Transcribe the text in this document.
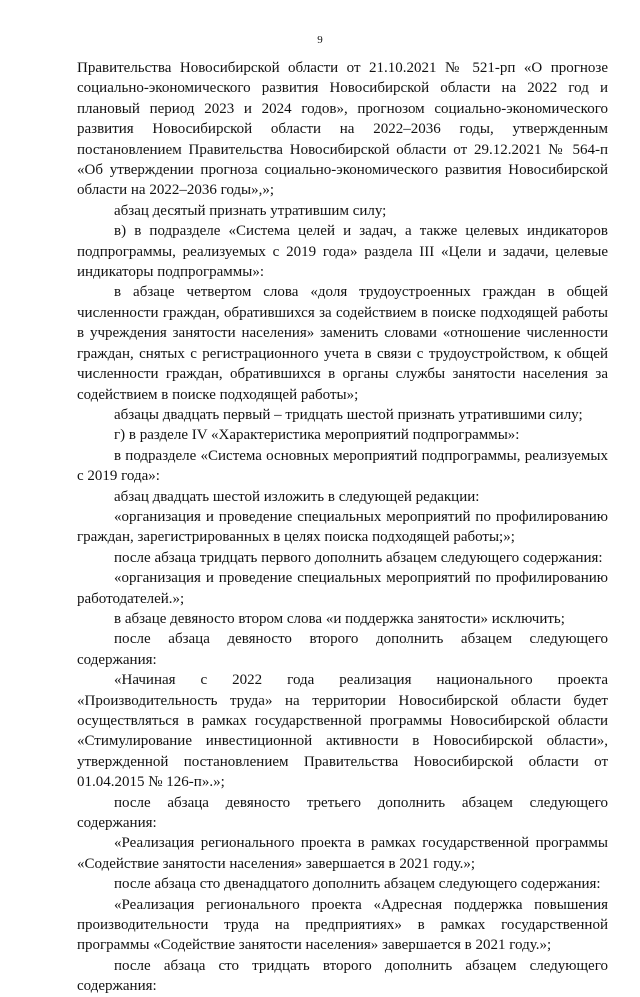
9

Правительства Новосибирской области от 21.10.2021 № 521-рп «О прогнозе социально-экономического развития Новосибирской области на 2022 год и плановый период 2023 и 2024 годов», прогнозом социально-экономического развития Новосибирской области на 2022–2036 годы, утвержденным постановлением Правительства Новосибирской области от 29.12.2021 № 564-п «Об утверждении прогноза социально-экономического развития Новосибирской области на 2022–2036 годы»,»;

абзац десятый признать утратившим силу;

в) в подразделе «Система целей и задач, а также целевых индикаторов подпрограммы, реализуемых с 2019 года» раздела III «Цели и задачи, целевые индикаторы подпрограммы»:

в абзаце четвертом слова «доля трудоустроенных граждан в общей численности граждан, обратившихся за содействием в поиске подходящей работы в учреждения занятости населения» заменить словами «отношение численности граждан, снятых с регистрационного учета в связи с трудоустройством, к общей численности граждан, обратившихся в органы службы занятости населения за содействием в поиске подходящей работы»;

абзацы двадцать первый – тридцать шестой признать утратившими силу;

г) в разделе IV «Характеристика мероприятий подпрограммы»:

в подразделе «Система основных мероприятий подпрограммы, реализуемых с 2019 года»:

абзац двадцать шестой изложить в следующей редакции:

«организация и проведение специальных мероприятий по профилированию граждан, зарегистрированных в целях поиска подходящей работы;»;

после абзаца тридцать первого дополнить абзацем следующего содержания:

«организация и проведение специальных мероприятий по профилированию работодателей.»;

в абзаце девяносто втором слова «и поддержка занятости» исключить;

после абзаца девяносто второго дополнить абзацем следующего содержания:

«Начиная с 2022 года реализация национального проекта «Производительность труда» на территории Новосибирской области будет осуществляться в рамках государственной программы Новосибирской области «Стимулирование инвестиционной активности в Новосибирской области», утвержденной постановлением Правительства Новосибирской области от 01.04.2015 № 126-п».»;

после абзаца девяносто третьего дополнить абзацем следующего содержания:

«Реализация регионального проекта в рамках государственной программы «Содействие занятости населения» завершается в 2021 году.»;

после абзаца сто двенадцатого дополнить абзацем следующего содержания:

«Реализация регионального проекта «Адресная поддержка повышения производительности труда на предприятиях» в рамках государственной программы «Содействие занятости населения» завершается в 2021 году.»;

после абзаца сто тридцать второго дополнить абзацем следующего содержания:
